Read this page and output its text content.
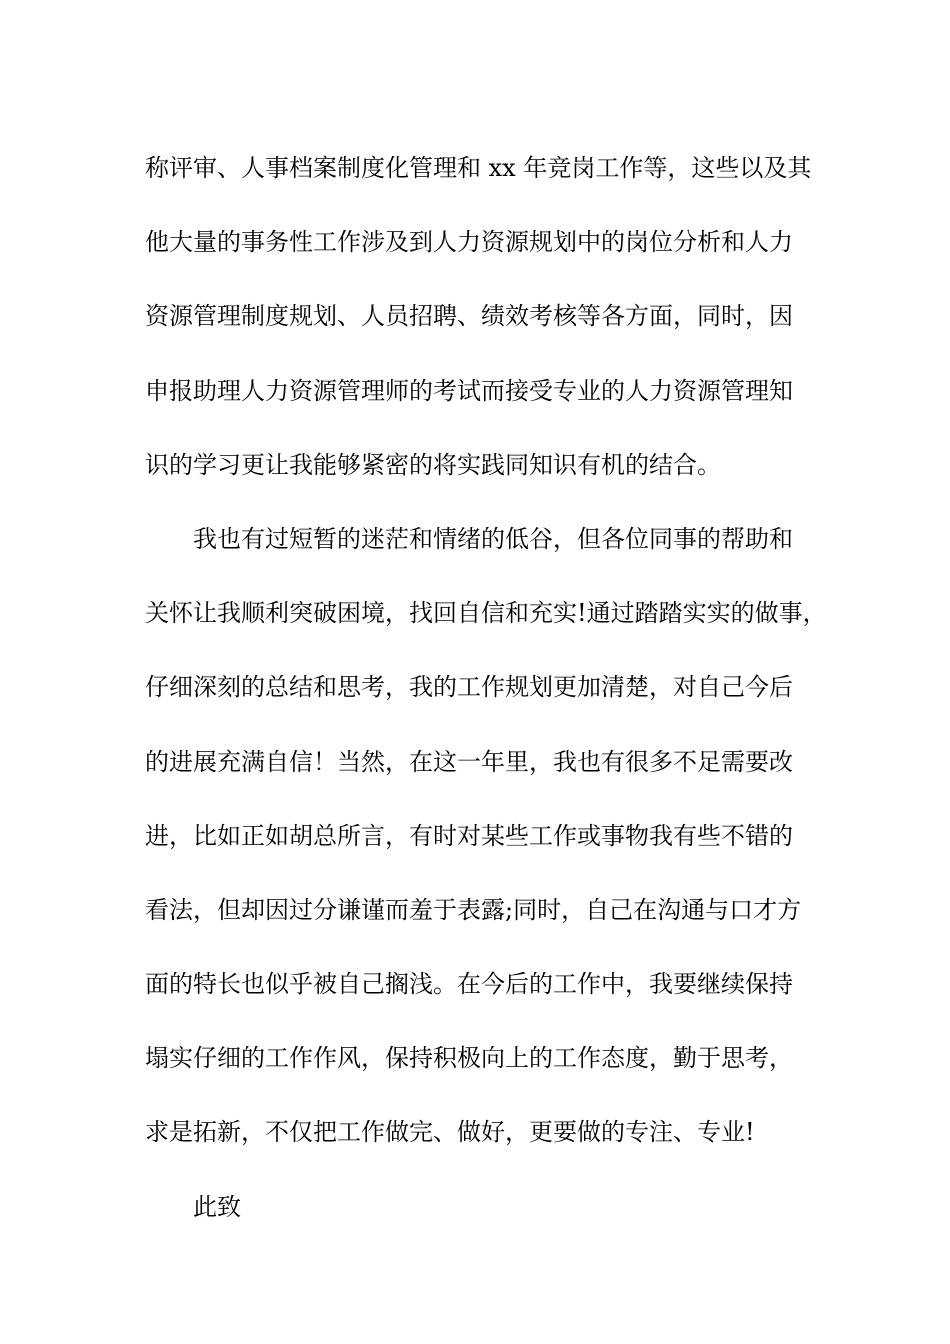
称评审、人事档案制度化管理和 xx 年竞岗工作等，这些以及其
他大量的事务性工作涉及到人力资源规划中的岗位分析和人力
资源管理制度规划、人员招聘、绩效考核等各方面，同时，因
申报助理人力资源管理师的考试而接受专业的人力资源管理知
识的学习更让我能够紧密的将实践同知识有机的结合。
我也有过短暂的迷茫和情绪的低谷，但各位同事的帮助和
关怀让我顺利突破困境，找回自信和充实!通过踏踏实实的做事，
仔细深刻的总结和思考，我的工作规划更加清楚，对自己今后
的进展充满自信！当然，在这一年里，我也有很多不足需要改
进，比如正如胡总所言，有时对某些工作或事物我有些不错的
看法，但却因过分谦谨而羞于表露;同时，自己在沟通与口才方
面的特长也似乎被自己搁浅。在今后的工作中，我要继续保持
塌实仔细的工作作风，保持积极向上的工作态度，勤于思考，
求是拓新，不仅把工作做完、做好，更要做的专注、专业!
此致
